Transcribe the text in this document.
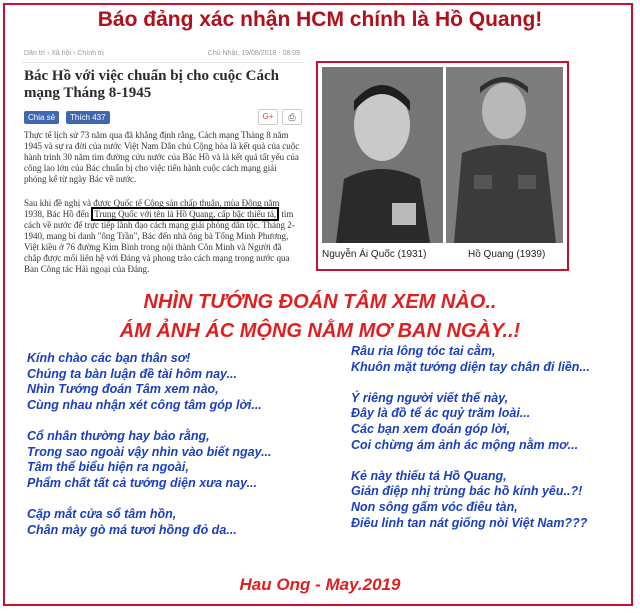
Báo đảng xác nhận HCM chính là Hồ Quang!
Dân trí › Xã hội › Chính trị	Chủ Nhật, 19/08/2018 - 08:09
Bác Hồ với việc chuẩn bị cho cuộc Cách mạng Tháng 8-1945
Chia sẻ	Thích 437	G+	⎙
Thực tế lịch sử 73 năm qua đã khẳng định rằng, Cách mạng Tháng 8 năm 1945 và sự ra đời của nước Việt Nam Dân chủ Cộng hòa là kết quả của cuộc hành trình 30 năm tìm đường cứu nước của Bác Hồ và là kết quả tất yếu của công lao lớn của Bác chuẩn bị cho việc tiến hành cuộc cách mạng giải phóng kể từ ngày Bác về nước.
Sau khi đề nghị và được Quốc tế Cộng sản chấp thuận, mùa Đông năm 1938, Bác Hồ đến Trung Quốc với tên là Hồ Quang, cấp bậc thiếu tá, tìm cách về nước để trực tiếp lãnh đạo cách mạng giải phóng dân tộc. Tháng 2-1940, mang bí danh "ông Trần", Bác đến nhà ông bà Tống Minh Phương, Việt kiều ở 76 đường Kim Bình trong nội thành Côn Minh và Người đã chắp được mối liên hệ với Đảng và phong trào cách mạng trong nước qua Ban Công tác Hải ngoại của Đảng.
Nguyễn Ái Quốc (1931)	Hồ Quang (1939)
NHÌN TƯỚNG ĐOÁN TÂM XEM NÀO..
ÁM ẢNH ÁC MỘNG NẰM MƠ BAN NGÀY..!
Kính chào các bạn thân sơ!
Chúng ta bàn luận đề tài hôm nay...
Nhìn Tướng đoán Tâm xem nào,
Cùng nhau nhận xét công tâm góp lời...
Cổ nhân thường hay bảo rằng,
Trong sao ngoài vậy nhìn vào biết ngay...
Tâm thể biểu hiện ra ngoài,
Phẩm chất tất cả tướng diện xưa nay...
Cặp mắt cửa sổ tâm hồn,
Chân mày gò má tươi hồng đỏ da...
Râu ria lông tóc tai cằm,
Khuôn mặt tướng diện tay chân đi liền...
Ý riêng người viết thế này,
Đây là đồ tể ác quỷ trăm loài...
Các bạn xem đoán góp lời,
Coi chừng ám ảnh ác mộng nằm mơ...
Kẻ này thiếu tá Hồ Quang,
Gián điệp nhị trùng bác hồ kính yêu..?!
Non sông gấm vóc điêu tàn,
Điêu linh tan nát giống nòi Việt Nam???
Hau Ong - May.2019
